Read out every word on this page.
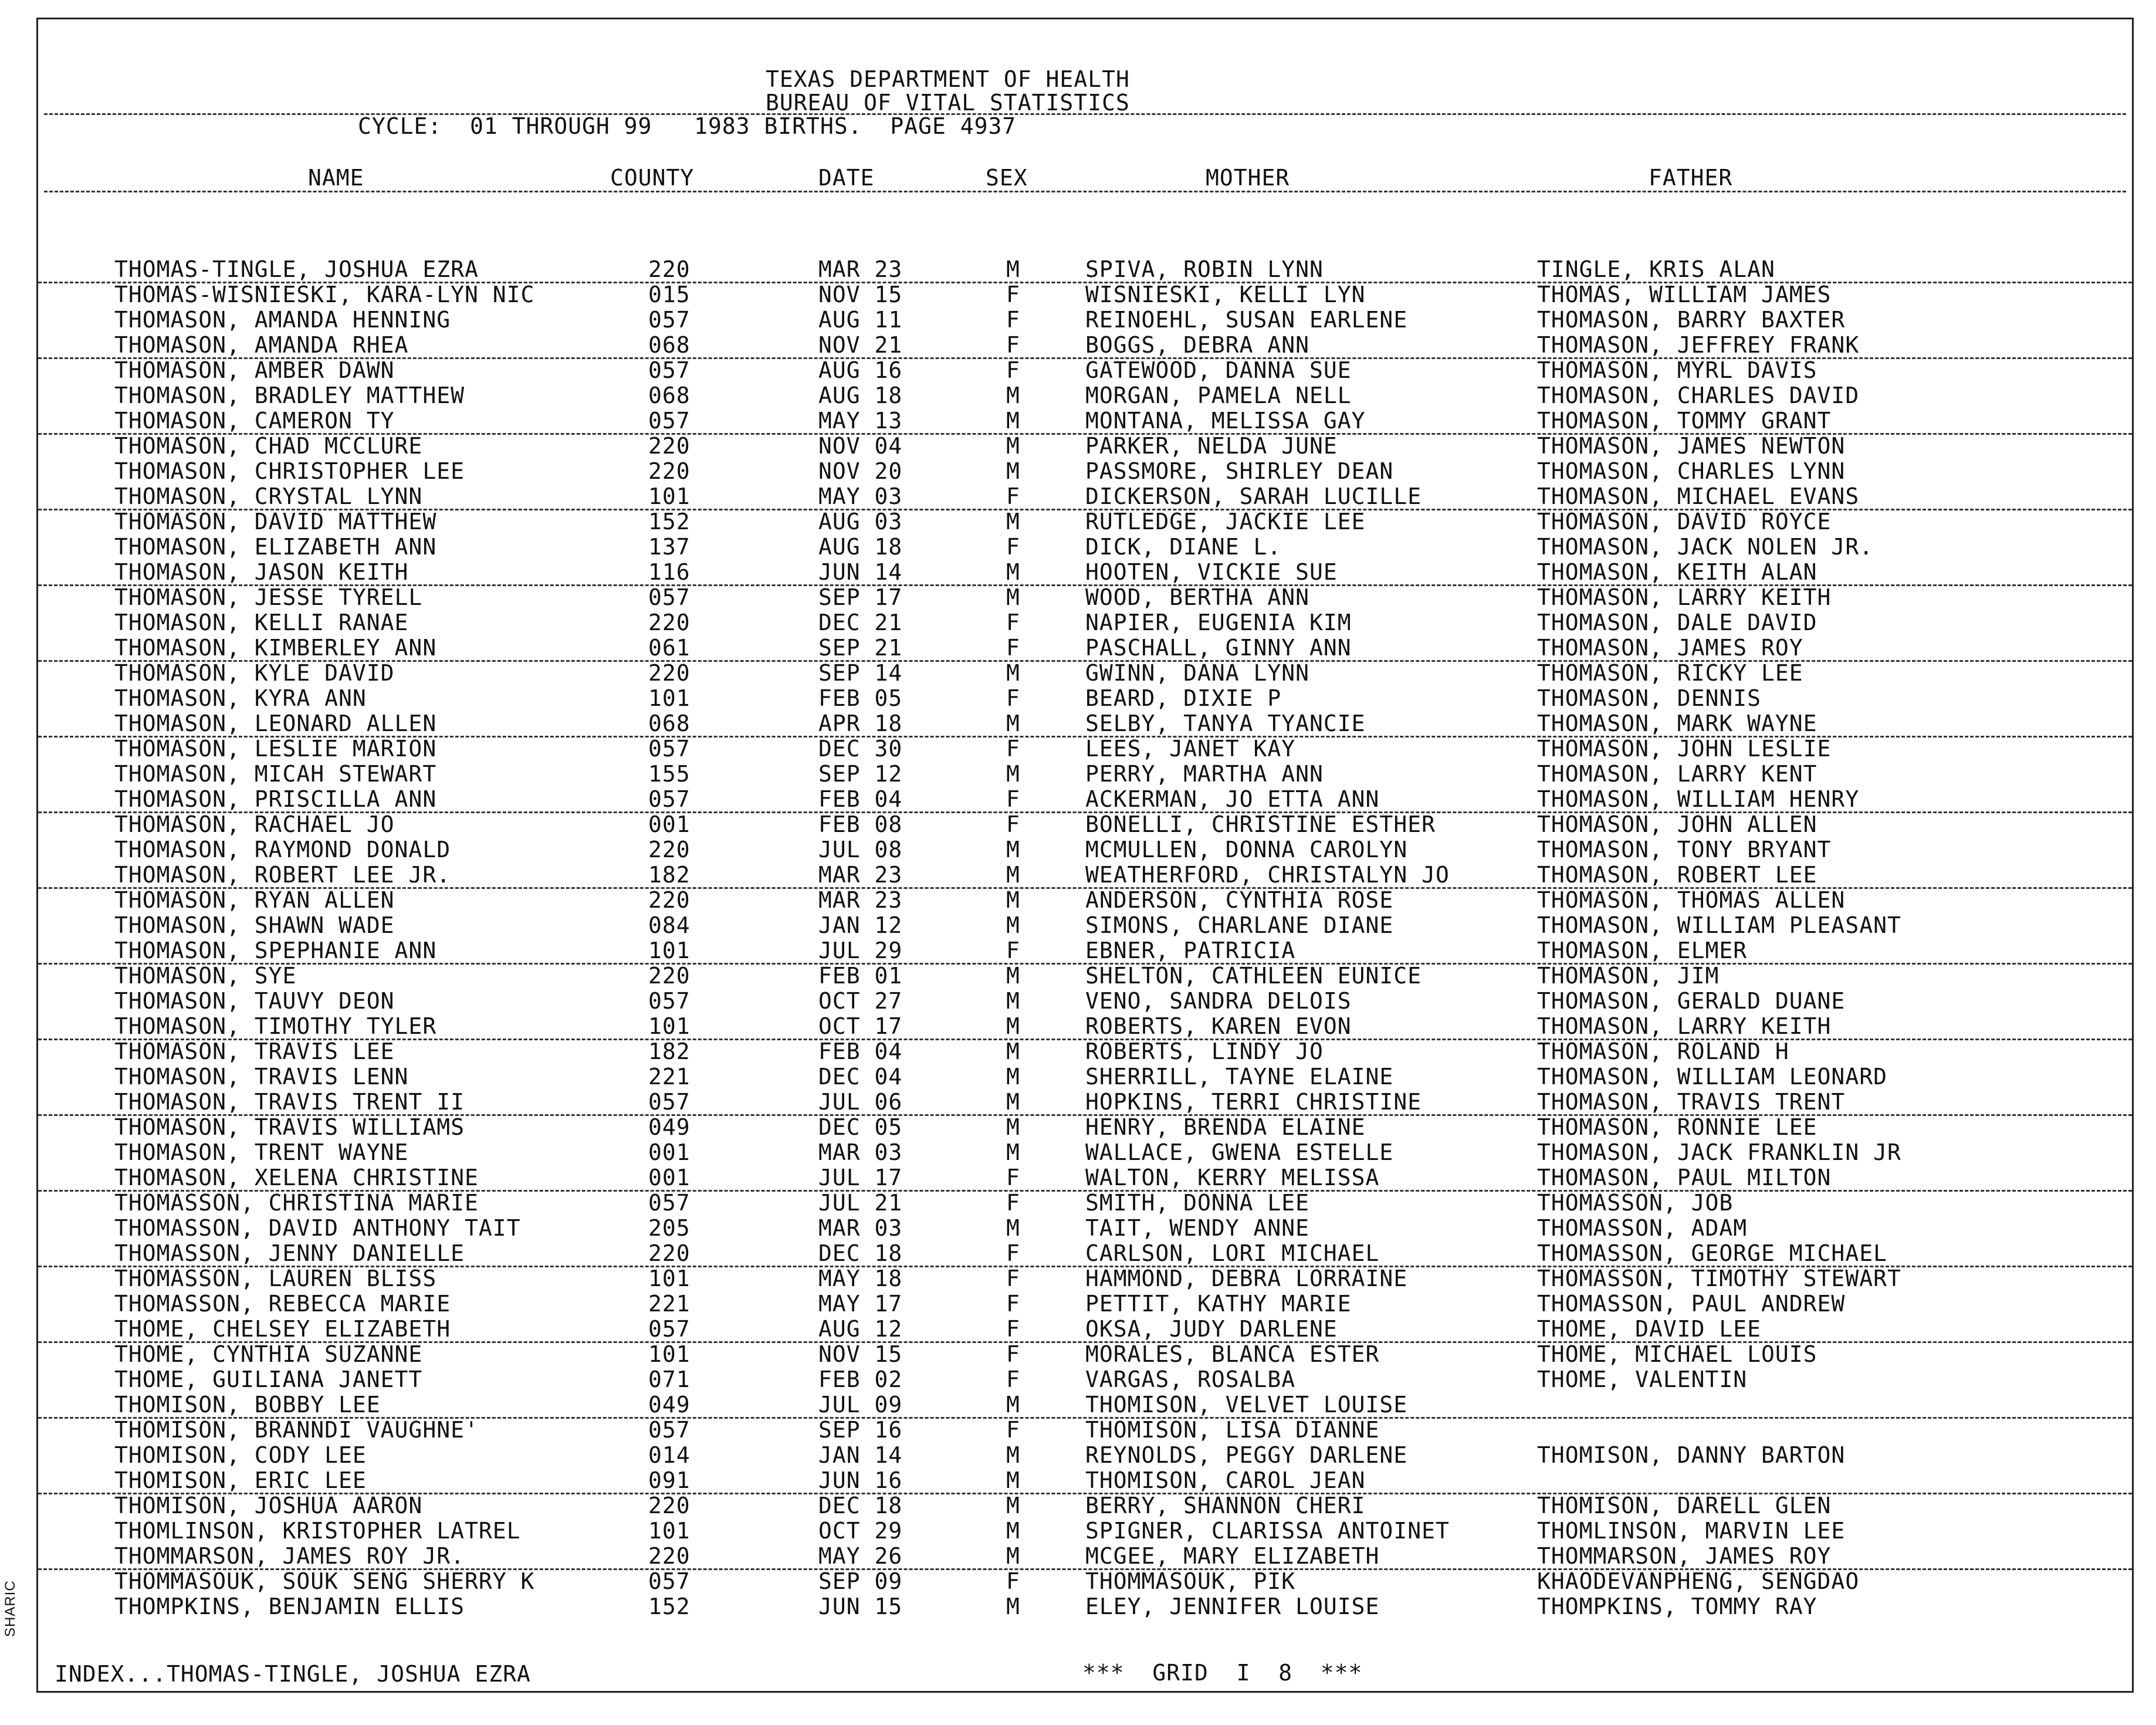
TEXAS DEPARTMENT OF HEALTH
BUREAU OF VITAL STATISTICS
CYCLE:  01 THROUGH 99   1983 BIRTHS.  PAGE 4937
NAME	COUNTY	DATE	SEX	MOTHER	FATHER
THOMAS-TINGLE, JOSHUA EZRA	220	MAR 23	M	SPIVA, ROBIN LYNN	TINGLE, KRIS ALAN
THOMAS-WISNIESKI, KARA-LYN NIC	015	NOV 15	F	WISNIESKI, KELLI LYN	THOMAS, WILLIAM JAMES
THOMASON, AMANDA HENNING	057	AUG 11	F	REINOEHL, SUSAN EARLENE	THOMASON, BARRY BAXTER
THOMASON, AMANDA RHEA	068	NOV 21	F	BOGGS, DEBRA ANN	THOMASON, JEFFREY FRANK
THOMASON, AMBER DAWN	057	AUG 16	F	GATEWOOD, DANNA SUE	THOMASON, MYRL DAVIS
THOMASON, BRADLEY MATTHEW	068	AUG 18	M	MORGAN, PAMELA NELL	THOMASON, CHARLES DAVID
THOMASON, CAMERON TY	057	MAY 13	M	MONTANA, MELISSA GAY	THOMASON, TOMMY GRANT
THOMASON, CHAD MCCLURE	220	NOV 04	M	PARKER, NELDA JUNE	THOMASON, JAMES NEWTON
THOMASON, CHRISTOPHER LEE	220	NOV 20	M	PASSMORE, SHIRLEY DEAN	THOMASON, CHARLES LYNN
THOMASON, CRYSTAL LYNN	101	MAY 03	F	DICKERSON, SARAH LUCILLE	THOMASON, MICHAEL EVANS
THOMASON, DAVID MATTHEW	152	AUG 03	M	RUTLEDGE, JACKIE LEE	THOMASON, DAVID ROYCE
THOMASON, ELIZABETH ANN	137	AUG 18	F	DICK, DIANE L.	THOMASON, JACK NOLEN JR.
THOMASON, JASON KEITH	116	JUN 14	M	HOOTEN, VICKIE SUE	THOMASON, KEITH ALAN
THOMASON, JESSE TYRELL	057	SEP 17	M	WOOD, BERTHA ANN	THOMASON, LARRY KEITH
THOMASON, KELLI RANAE	220	DEC 21	F	NAPIER, EUGENIA KIM	THOMASON, DALE DAVID
THOMASON, KIMBERLEY ANN	061	SEP 21	F	PASCHALL, GINNY ANN	THOMASON, JAMES ROY
THOMASON, KYLE DAVID	220	SEP 14	M	GWINN, DANA LYNN	THOMASON, RICKY LEE
THOMASON, KYRA ANN	101	FEB 05	F	BEARD, DIXIE P	THOMASON, DENNIS
THOMASON, LEONARD ALLEN	068	APR 18	M	SELBY, TANYA TYANCIE	THOMASON, MARK WAYNE
THOMASON, LESLIE MARION	057	DEC 30	F	LEES, JANET KAY	THOMASON, JOHN LESLIE
THOMASON, MICAH STEWART	155	SEP 12	M	PERRY, MARTHA ANN	THOMASON, LARRY KENT
THOMASON, PRISCILLA ANN	057	FEB 04	F	ACKERMAN, JO ETTA ANN	THOMASON, WILLIAM HENRY
THOMASON, RACHAEL JO	001	FEB 08	F	BONELLI, CHRISTINE ESTHER	THOMASON, JOHN ALLEN
THOMASON, RAYMOND DONALD	220	JUL 08	M	MCMULLEN, DONNA CAROLYN	THOMASON, TONY BRYANT
THOMASON, ROBERT LEE JR.	182	MAR 23	M	WEATHERFORD, CHRISTALYN JO	THOMASON, ROBERT LEE
THOMASON, RYAN ALLEN	220	MAR 23	M	ANDERSON, CYNTHIA ROSE	THOMASON, THOMAS ALLEN
THOMASON, SHAWN WADE	084	JAN 12	M	SIMONS, CHARLANE DIANE	THOMASON, WILLIAM PLEASANT
THOMASON, SPEPHANIE ANN	101	JUL 29	F	EBNER, PATRICIA	THOMASON, ELMER
THOMASON, SYE	220	FEB 01	M	SHELTON, CATHLEEN EUNICE	THOMASON, JIM
THOMASON, TAUVY DEON	057	OCT 27	M	VENO, SANDRA DELOIS	THOMASON, GERALD DUANE
THOMASON, TIMOTHY TYLER	101	OCT 17	M	ROBERTS, KAREN EVON	THOMASON, LARRY KEITH
THOMASON, TRAVIS LEE	182	FEB 04	M	ROBERTS, LINDY JO	THOMASON, ROLAND H
THOMASON, TRAVIS LENN	221	DEC 04	M	SHERRILL, TAYNE ELAINE	THOMASON, WILLIAM LEONARD
THOMASON, TRAVIS TRENT II	057	JUL 06	M	HOPKINS, TERRI CHRISTINE	THOMASON, TRAVIS TRENT
THOMASON, TRAVIS WILLIAMS	049	DEC 05	M	HENRY, BRENDA ELAINE	THOMASON, RONNIE LEE
THOMASON, TRENT WAYNE	001	MAR 03	M	WALLACE, GWENA ESTELLE	THOMASON, JACK FRANKLIN JR
THOMASON, XELENA CHRISTINE	001	JUL 17	F	WALTON, KERRY MELISSA	THOMASON, PAUL MILTON
THOMASSON, CHRISTINA MARIE	057	JUL 21	F	SMITH, DONNA LEE	THOMASSON, JOB
THOMASSON, DAVID ANTHONY TAIT	205	MAR 03	M	TAIT, WENDY ANNE	THOMASSON, ADAM
THOMASSON, JENNY DANIELLE	220	DEC 18	F	CARLSON, LORI MICHAEL	THOMASSON, GEORGE MICHAEL
THOMASSON, LAUREN BLISS	101	MAY 18	F	HAMMOND, DEBRA LORRAINE	THOMASSON, TIMOTHY STEWART
THOMASSON, REBECCA MARIE	221	MAY 17	F	PETTIT, KATHY MARIE	THOMASSON, PAUL ANDREW
THOME, CHELSEY ELIZABETH	057	AUG 12	F	OKSA, JUDY DARLENE	THOME, DAVID LEE
THOME, CYNTHIA SUZANNE	101	NOV 15	F	MORALES, BLANCA ESTER	THOME, MICHAEL LOUIS
THOME, GUILIANA JANETT	071	FEB 02	F	VARGAS, ROSALBA	THOME, VALENTIN
THOMISON, BOBBY LEE	049	JUL 09	M	THOMISON, VELVET LOUISE
THOMISON, BRANNDI VAUGHNE'	057	SEP 16	F	THOMISON, LISA DIANNE
THOMISON, CODY LEE	014	JAN 14	M	REYNOLDS, PEGGY DARLENE	THOMISON, DANNY BARTON
THOMISON, ERIC LEE	091	JUN 16	M	THOMISON, CAROL JEAN
THOMISON, JOSHUA AARON	220	DEC 18	M	BERRY, SHANNON CHERI	THOMISON, DARELL GLEN
THOMLINSON, KRISTOPHER LATREL	101	OCT 29	M	SPIGNER, CLARISSA ANTOINET	THOMLINSON, MARVIN LEE
THOMMARSON, JAMES ROY JR.	220	MAY 26	M	MCGEE, MARY ELIZABETH	THOMMARSON, JAMES ROY
THOMMASOUK, SOUK SENG SHERRY K	057	SEP 09	F	THOMMASOUK, PIK	KHAODEVANPHENG, SENGDAO
THOMPKINS, BENJAMIN ELLIS	152	JUN 15	M	ELEY, JENNIFER LOUISE	THOMPKINS, TOMMY RAY
INDEX...THOMAS-TINGLE, JOSHUA EZRA	***  GRID  I  8  ***
SHARIC
